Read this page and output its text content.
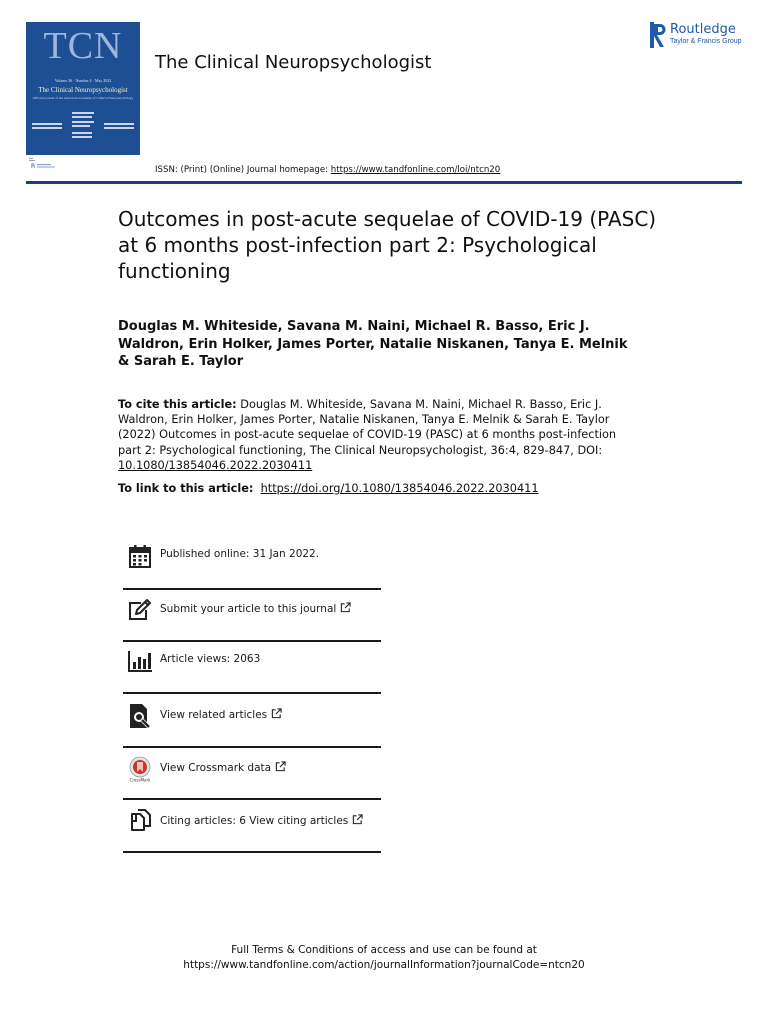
TCN
Volume 36 · Number 4 · May 2022
The Clinical Neuropsychologist
Official journal of the American Academy of Clinical Neuropsychology
R
The Clinical Neuropsychologist
Routledge
Taylor & Francis Group
ISSN: (Print) (Online) Journal homepage: https://www.tandfonline.com/loi/ntcn20
Outcomes in post-acute sequelae of COVID-19 (PASC) at 6 months post-infection part 2: Psychological functioning
Douglas M. Whiteside, Savana M. Naini, Michael R. Basso, Eric J. Waldron, Erin Holker, James Porter, Natalie Niskanen, Tanya E. Melnik & Sarah E. Taylor
To cite this article: Douglas M. Whiteside, Savana M. Naini, Michael R. Basso, Eric J. Waldron, Erin Holker, James Porter, Natalie Niskanen, Tanya E. Melnik & Sarah E. Taylor (2022) Outcomes in post-acute sequelae of COVID-19 (PASC) at 6 months post-infection part 2: Psychological functioning, The Clinical Neuropsychologist, 36:4, 829-847, DOI: 10.1080/13854046.2022.2030411
To link to this article: https://doi.org/10.1080/13854046.2022.2030411
Published online: 31 Jan 2022.
Submit your article to this journal
Article views: 2063
View related articles
CrossMark
View Crossmark data
Citing articles: 6 View citing articles
Full Terms & Conditions of access and use can be found at
https://www.tandfonline.com/action/journalInformation?journalCode=ntcn20
